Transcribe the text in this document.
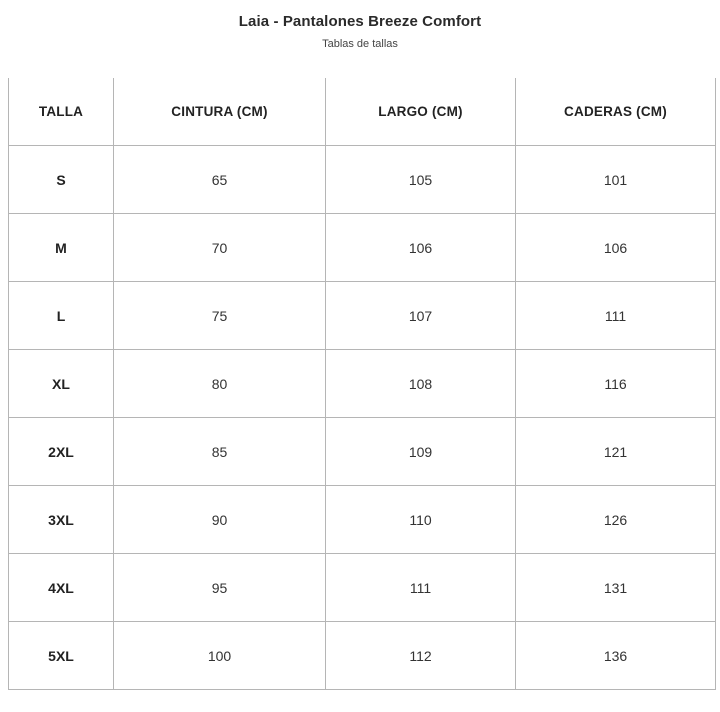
Laia - Pantalones Breeze Comfort
Tablas de tallas
TALLA	CINTURA (CM)	LARGO (CM)	CADERAS (CM)
S	65	105	101
M	70	106	106
L	75	107	111
XL	80	108	116
2XL	85	109	121
3XL	90	110	126
4XL	95	111	131
5XL	100	112	136
